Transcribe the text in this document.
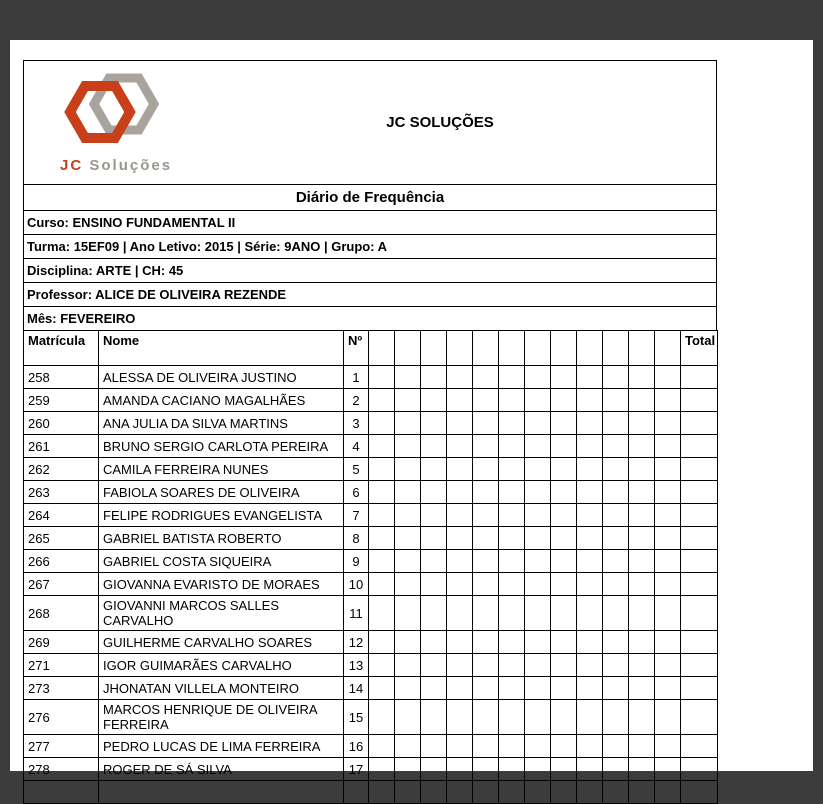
JC Soluções
JC SOLUÇÕES
Diário de Frequência
Curso: ENSINO FUNDAMENTAL II
Turma: 15EF09 | Ano Letivo: 2015 | Série: 9ANO | Grupo: A
Disciplina: ARTE | CH: 45
Professor: ALICE DE OLIVEIRA REZENDE
Mês: FEVEREIRO
Matrícula	Nome	Nº													Total
258	ALESSA DE OLIVEIRA JUSTINO	1													
259	AMANDA CACIANO MAGALHÃES	2													
260	ANA JULIA DA SILVA MARTINS	3													
261	BRUNO SERGIO CARLOTA PEREIRA	4													
262	CAMILA FERREIRA NUNES	5													
263	FABIOLA SOARES DE OLIVEIRA	6													
264	FELIPE RODRIGUES EVANGELISTA	7													
265	GABRIEL BATISTA ROBERTO	8													
266	GABRIEL COSTA SIQUEIRA	9													
267	GIOVANNA EVARISTO DE MORAES	10													
268	GIOVANNI MARCOS SALLES CARVALHO	11													
269	GUILHERME CARVALHO SOARES	12													
271	IGOR GUIMARÃES CARVALHO	13													
273	JHONATAN VILLELA MONTEIRO	14													
276	MARCOS HENRIQUE DE OLIVEIRA FERREIRA	15													
277	PEDRO LUCAS DE LIMA FERREIRA	16													
278	ROGER DE SÁ SILVA	17													
